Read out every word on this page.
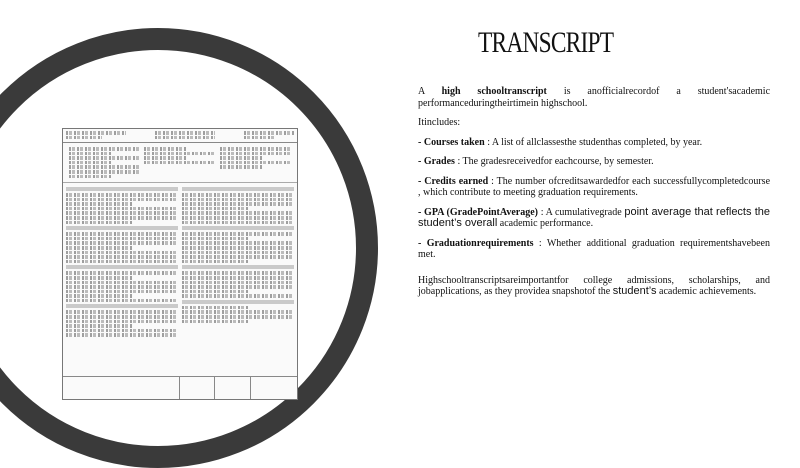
TRANSCRIPT

A high schooltranscript is anofficialrecordof a student'sacademic performanceduringtheirtimein highschool.

Itincludes:

- Courses taken : A list of allclassesthe studenthas completed, by year.
- Grades : The gradesreceivedfor eachcourse, by semester.
- Credits earned : The number ofcreditsawardedfor each successfullycompletedcourse , which contribute to meeting graduation requirements.
- GPA (GradePointAverage) : A cumulativegrade point average that reflects the student’s overall academic performance.
- Graduationrequirements : Whether additional graduation requirementshavebeen met.

Highschooltranscriptsareimportantfor college admissions, scholarships, and jobapplications, as they providea snapshotof the student’s academic achievements.
